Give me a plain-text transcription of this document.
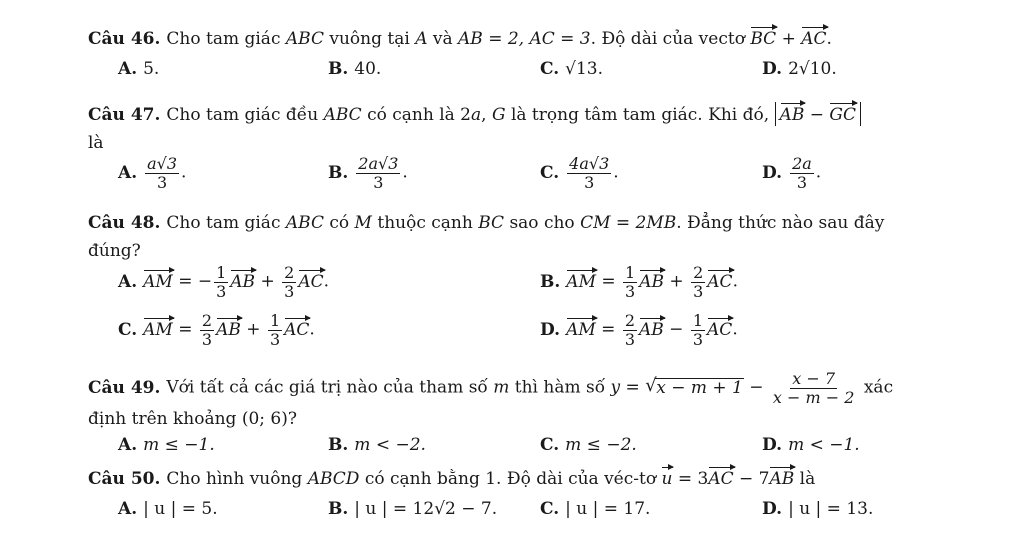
Câu 46. Cho tam giác ABC vuông tại A và AB = 2, AC = 3. Độ dài của vectơ BC + AC.
A. 5.	B. 40.	C. √13.	D. 2√10.
Câu 47. Cho tam giác đều ABC có cạnh là 2a, G là trọng tâm tam giác. Khi đó, AB − GC
là
A. $\frac{a√3}{3}$ .	B. $\frac{2a√3}{3}$ .	C. $\frac{4a√3}{3}$ .	D. $\frac{2a}{3}$ .
Câu 48. Cho tam giác ABC có M thuộc cạnh BC sao cho CM = 2MB. Đẳng thức nào sau đây
đúng?
A. AM = − $\frac{1}{3}$ AB + $\frac{2}{3}$ AC.	B. AM = $\frac{1}{3}$ AB + $\frac{2}{3}$ AC.
C. AM = $\frac{2}{3}$ AB + $\frac{1}{3}$ AC.	D. AM = $\frac{2}{3}$ AB − $\frac{1}{3}$ AC.
Câu 49. Với tất cả các giá trị nào của tham số m thì hàm số y = √ $x - m + 1 - \frac{x - 7}{x - m - 2}$ xác
định trên khoảng (0; 6)?
A. m ≤ −1.	B. m < −2.	C. m ≤ −2.	D. m < −1.
Câu 50. Cho hình vuông ABCD có cạnh bằng 1. Độ dài của véc-tơ u = 3AC − 7AB là
A. | u | = 5.	B. | u | = 12√2 − 7.	C. | u | = 17.	D. | u | = 13.
